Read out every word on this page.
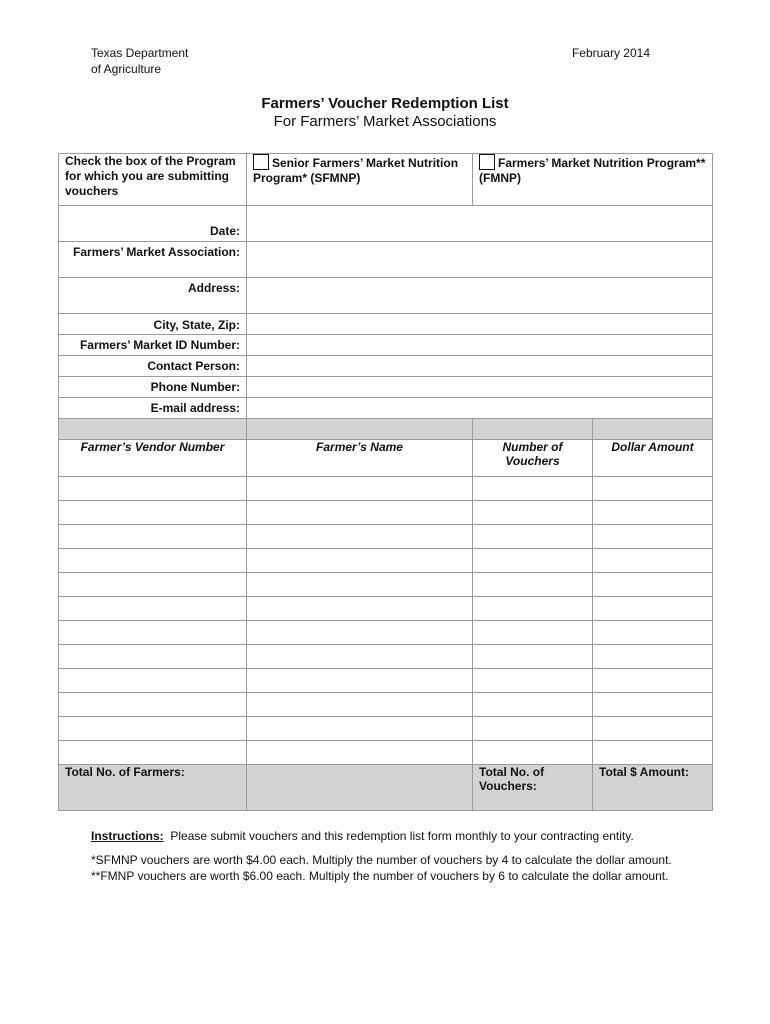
Texas Department
of Agriculture
February 2014
Farmers’ Voucher Redemption List
For Farmers’ Market Associations
Check the box of the Program for which you are submitting vouchers	Senior Farmers’ Market Nutrition Program* (SFMNP)	Farmers’ Market Nutrition Program** (FMNP)	
Date:			
Farmers’ Market Association:			
Address:			
City, State, Zip:			
Farmers’ Market ID Number:			
Contact Person:			
Phone Number:			
E-mail address:			

Farmer’s Vendor Number	Farmer’s Name	Number of Vouchers	Dollar Amount

Total No. of Farmers:		Total No. of Vouchers:	Total $ Amount:

Instructions: Please submit vouchers and this redemption list form monthly to your contracting entity.

*SFMNP vouchers are worth $4.00 each. Multiply the number of vouchers by 4 to calculate the dollar amount.

**FMNP vouchers are worth $6.00 each. Multiply the number of vouchers by 6 to calculate the dollar amount.
